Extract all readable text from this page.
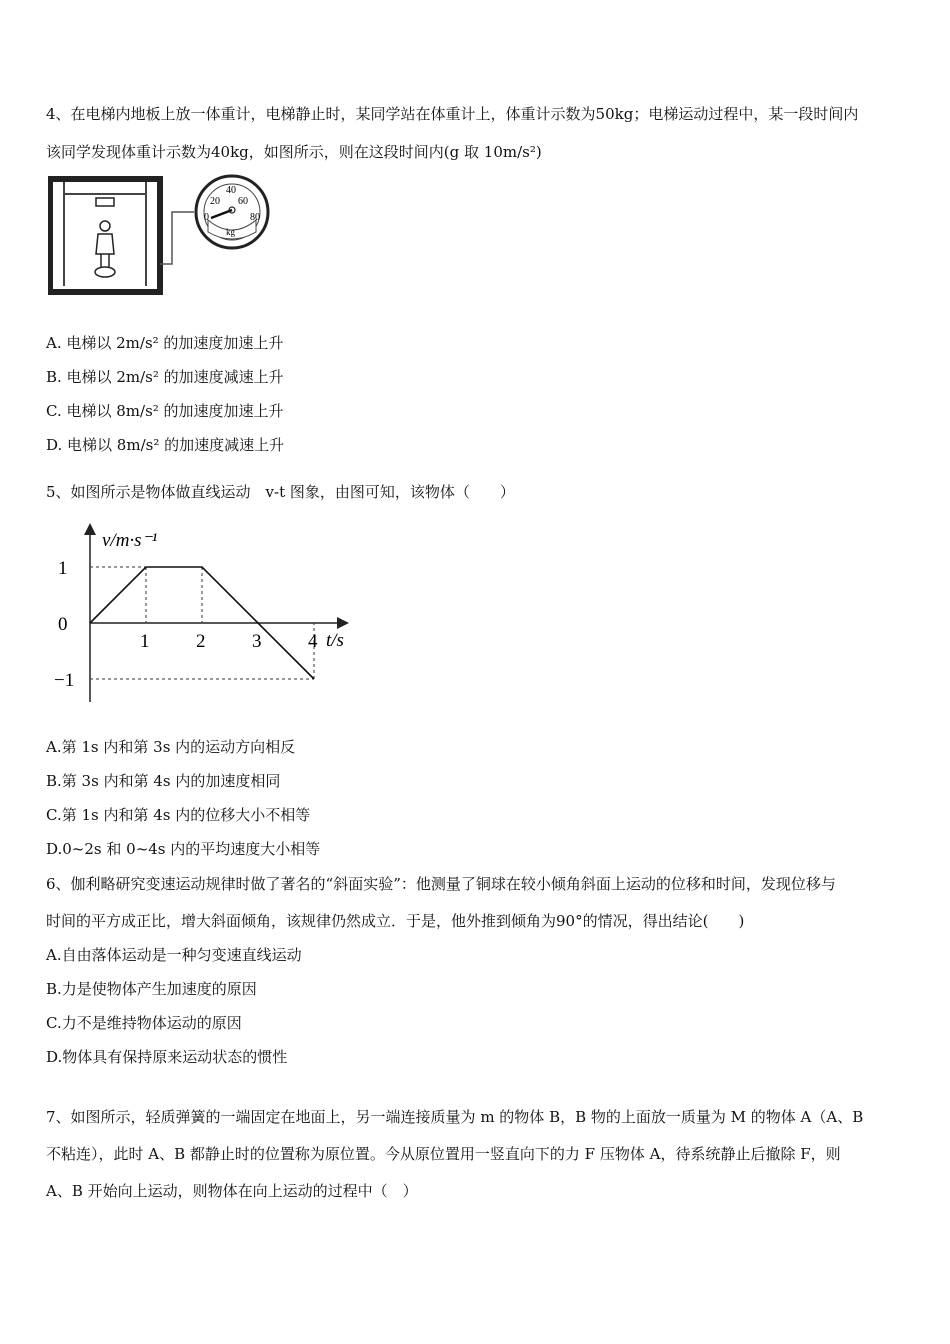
4、在电梯内地板上放一体重计，电梯静止时，某同学站在体重计上，体重计示数为50kg；电梯运动过程中，某一段时间内
该同学发现体重计示数为40kg，如图所示，则在这段时间内(g 取 10m/s²)
0
20
40
60
80
kg
A. 电梯以 2m/s² 的加速度加速上升
B. 电梯以 2m/s² 的加速度减速上升
C. 电梯以 8m/s² 的加速度加速上升
D. 电梯以 8m/s² 的加速度减速上升
5、如图所示是物体做直线运动　v-t 图象，由图可知，该物体（　　）
v/m·s⁻¹
t/s
1 2 3 4
1
0
−1
A.第 1s 内和第 3s 内的运动方向相反
B.第 3s 内和第 4s 内的加速度相同
C.第 1s 内和第 4s 内的位移大小不相等
D.0~2s 和 0~4s 内的平均速度大小相等
6、伽利略研究变速运动规律时做了著名的“斜面实验”：他测量了铜球在较小倾角斜面上运动的位移和时间，发现位移与
时间的平方成正比，增大斜面倾角，该规律仍然成立．于是，他外推到倾角为90°的情况，得出结论(　　)
A.自由落体运动是一种匀变速直线运动
B.力是使物体产生加速度的原因
C.力不是维持物体运动的原因
D.物体具有保持原来运动状态的惯性
7、如图所示，轻质弹簧的一端固定在地面上，另一端连接质量为 m 的物体 B，B 物的上面放一质量为 M 的物体 A（A、B
不粘连），此时 A、B 都静止时的位置称为原位置。今从原位置用一竖直向下的力 F 压物体 A，待系统静止后撤除 F，则
A、B 开始向上运动，则物体在向上运动的过程中（　）
